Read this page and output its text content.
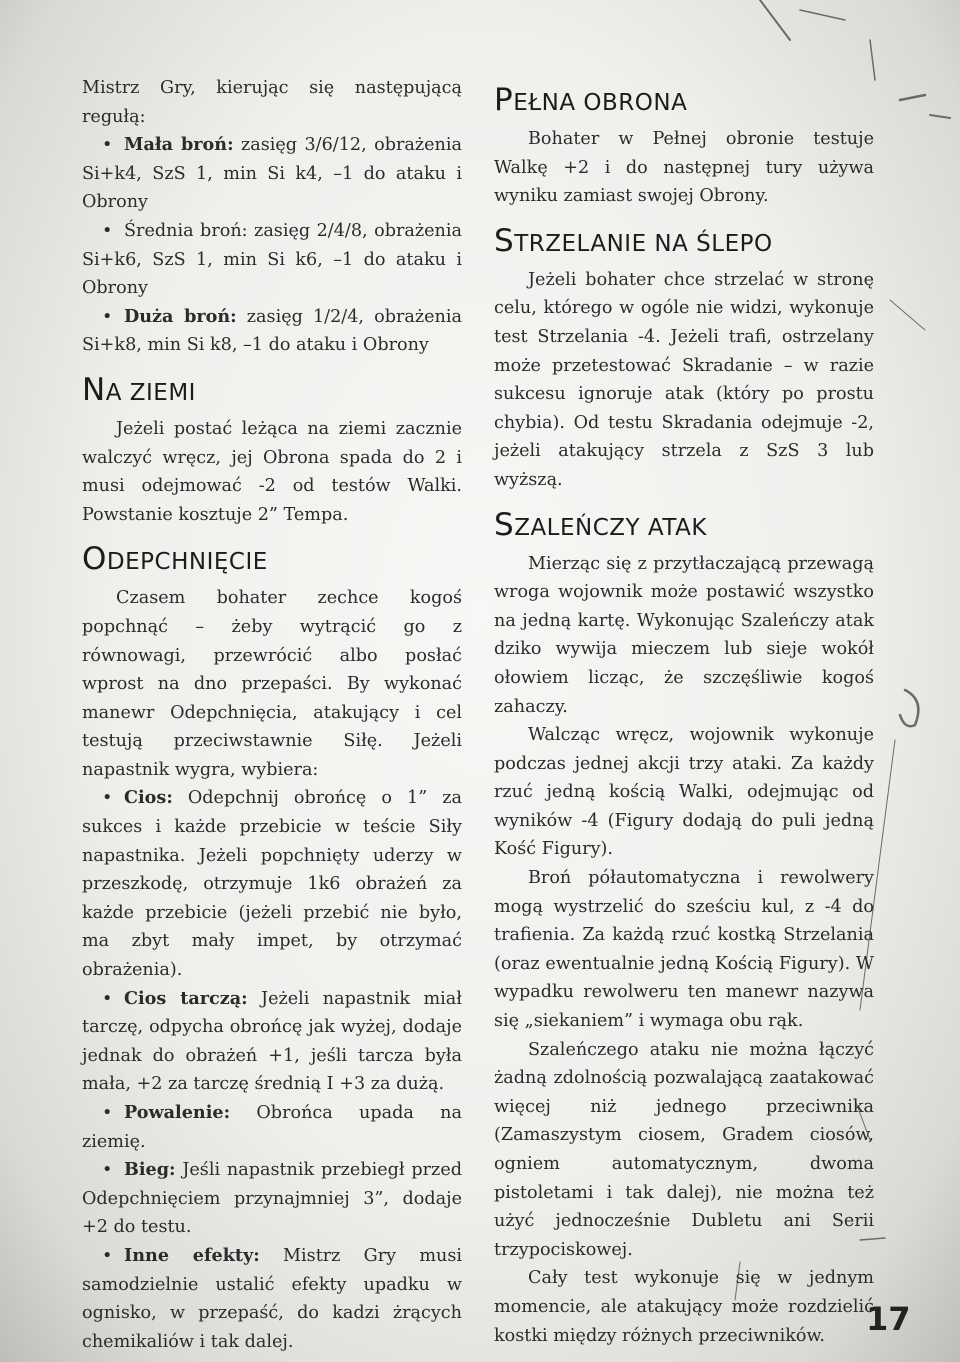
Mistrz Gry, kierując się następującą regułą:

• Mała broń: zasięg 3/6/12, obrażenia Si+k4, SzS 1, min Si k4, –1 do ataku i Obrony

• Średnia broń: zasięg 2/4/8, obrażenia Si+k6, SzS 1, min Si k6, –1 do ataku i Obrony

• Duża broń: zasięg 1/2/4, obrażenia Si+k8, min Si k8, –1 do ataku i Obrony

NA ZIEMI

Jeżeli postać leżąca na ziemi zacznie walczyć wręcz, jej Obrona spada do 2 i musi odejmować -2 od testów Walki. Powstanie kosztuje 2” Tempa.

ODEPCHNIĘCIE

Czasem bohater zechce kogoś popchnąć – żeby wytrącić go z równowagi, przewrócić albo posłać wprost na dno przepaści. By wykonać manewr Odepchnięcia, atakujący i cel testują przeciwstawnie Siłę. Jeżeli napastnik wygra, wybiera:

• Cios: Odepchnij obrońcę o 1” za sukces i każde przebicie w teście Siły napastnika. Jeżeli popchnięty uderzy w przeszkodę, otrzymuje 1k6 obrażeń za każde przebicie (jeżeli przebić nie było, ma zbyt mały impet, by otrzymać obrażenia).

• Cios tarczą: Jeżeli napastnik miał tarczę, odpycha obrońcę jak wyżej, dodaje jednak do obrażeń +1, jeśli tarcza była mała, +2 za tarczę średnią I +3 za dużą.

• Powalenie: Obrońca upada na ziemię.

• Bieg: Jeśli napastnik przebiegł przed Odepchnięciem przynajmniej 3”, dodaje +2 do testu.

• Inne efekty: Mistrz Gry musi samodzielnie ustalić efekty upadku w ognisko, w przepaść, do kadzi żrących chemikaliów i tak dalej.

PEŁNA OBRONA

Bohater w Pełnej obronie testuje Walkę +2 i do następnej tury używa wyniku zamiast swojej Obrony.

STRZELANIE NA ŚLEPO

Jeżeli bohater chce strzelać w stronę celu, którego w ogóle nie widzi, wykonuje test Strzelania -4. Jeżeli trafi, ostrzelany może przetestować Skradanie – w razie sukcesu ignoruje atak (który po prostu chybia). Od testu Skradania odejmuje -2, jeżeli atakujący strzela z SzS 3 lub wyższą.

SZALEŃCZY ATAK

Mierząc się z przytłaczającą przewagą wroga wojownik może postawić wszystko na jedną kartę. Wykonując Szaleńczy atak dziko wywija mieczem lub sieje wokół ołowiem licząc, że szczęśliwie kogoś zahaczy.

Walcząc wręcz, wojownik wykonuje podczas jednej akcji trzy ataki. Za każdy rzuć jedną kością Walki, odejmując od wyników -4 (Figury dodają do puli jedną Kość Figury).

Broń półautomatyczna i rewolwery mogą wystrzelić do sześciu kul, z -4 do trafienia. Za każdą rzuć kostką Strzelania (oraz ewentualnie jedną Kością Figury). W wypadku rewolweru ten manewr nazywa się „siekaniem” i wymaga obu rąk.

Szaleńczego ataku nie można łączyć żadną zdolnością pozwalającą zaatakować więcej niż jednego przeciwnika (Zamaszystym ciosem, Gradem ciosów, ogniem automatycznym, dwoma pistoletami i tak dalej), nie można też użyć jednocześnie Dubletu ani Serii trzypociskowej.

Cały test wykonuje się w jednym momencie, ale atakujący może rozdzielić kostki między różnych przeciwników.	17
